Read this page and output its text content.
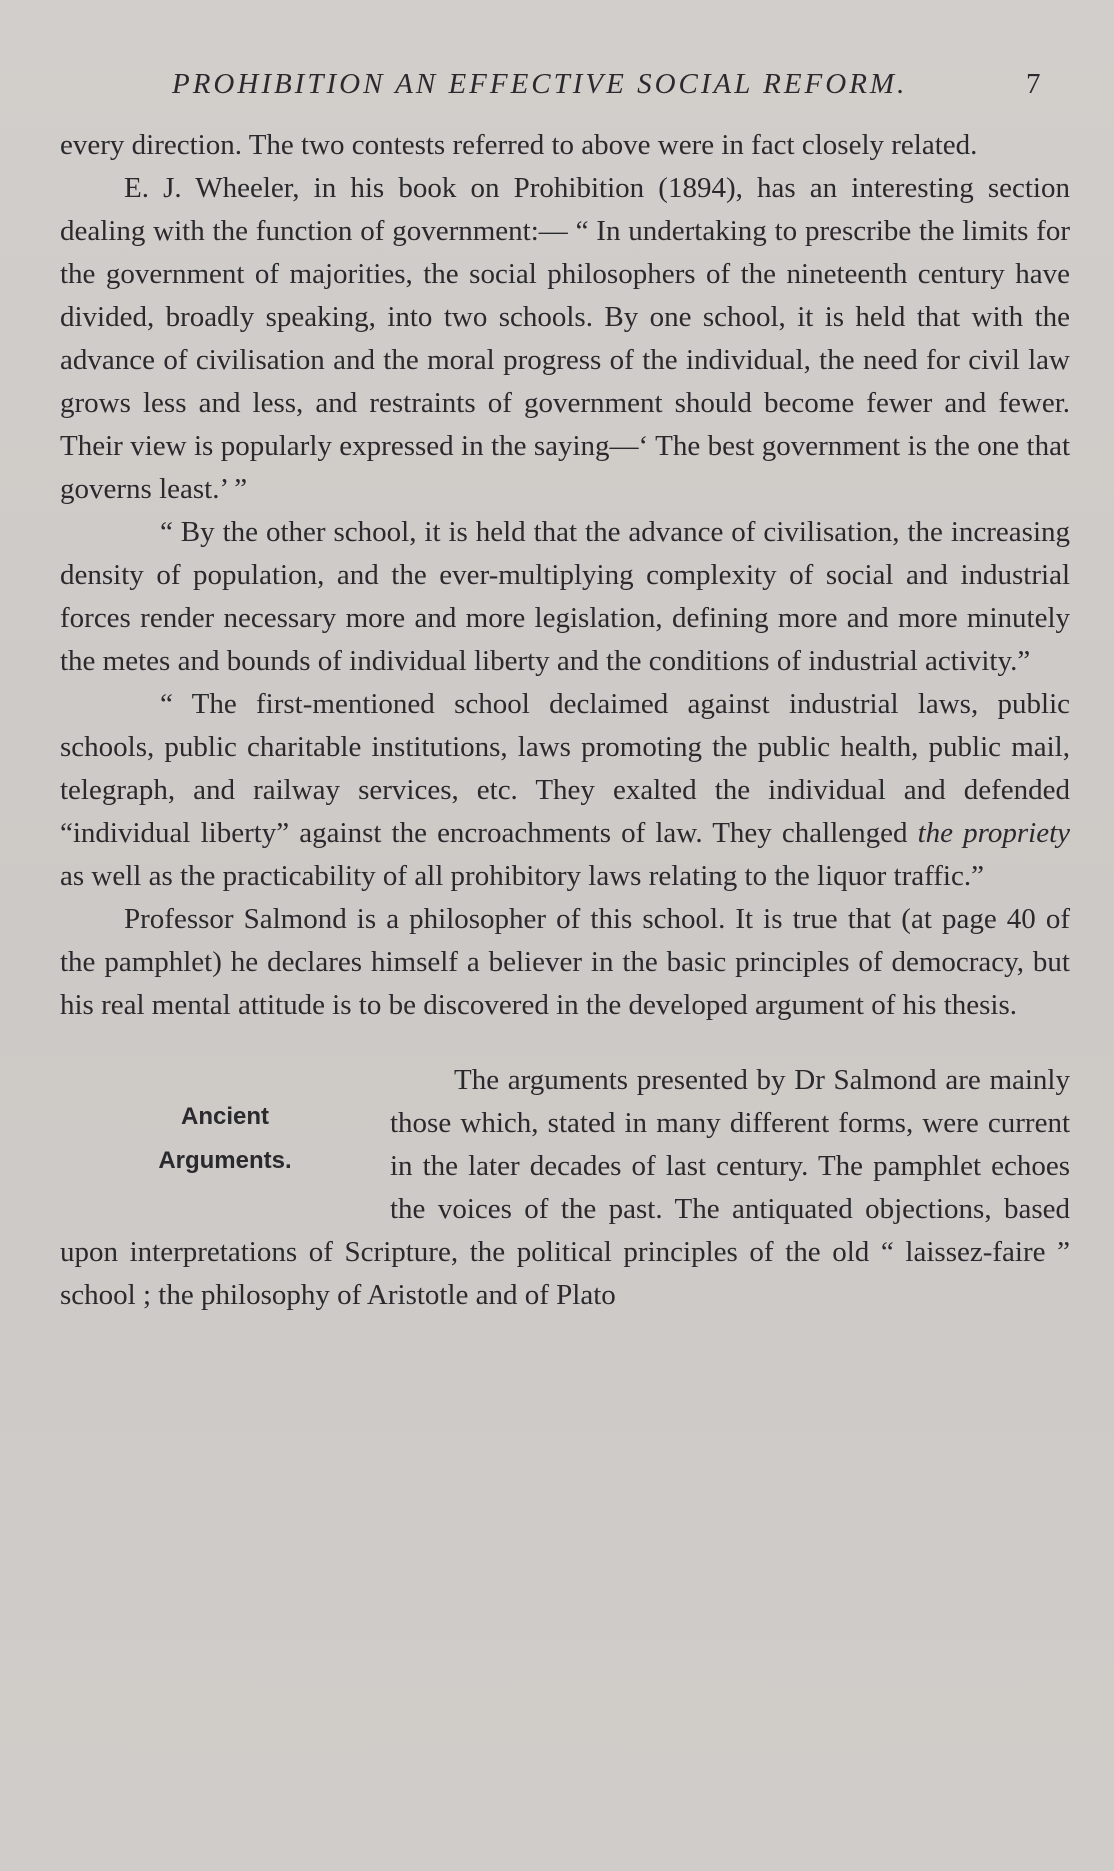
PROHIBITION AN EFFECTIVE SOCIAL REFORM.	7

every direction. The two contests referred to above were in fact closely related.

E. J. Wheeler, in his book on Prohibition (1894), has an interesting section dealing with the function of government:— “ In undertaking to prescribe the limits for the government of majorities, the social philosophers of the nineteenth century have divided, broadly speaking, into two schools. By one school, it is held that with the advance of civilisation and the moral progress of the individual, the need for civil law grows less and less, and restraints of government should become fewer and fewer. Their view is popularly expressed in the saying—‘ The best government is the one that governs least.’ ”

“ By the other school, it is held that the advance of civilisation, the increasing density of population, and the ever-multiplying complexity of social and industrial forces render necessary more and more legislation, defining more and more minutely the metes and bounds of individual liberty and the conditions of industrial activity.”

“ The first-mentioned school declaimed against industrial laws, public schools, public charitable institutions, laws promoting the public health, public mail, telegraph, and railway services, etc. They exalted the individual and defended “individual liberty” against the encroachments of law. They challenged the propriety as well as the practicability of all prohibitory laws relating to the liquor traffic.”

Professor Salmond is a philosopher of this school. It is true that (at page 40 of the pamphlet) he declares himself a believer in the basic principles of democracy, but his real mental attitude is to be discovered in the developed argument of his thesis.

Ancient
Arguments.

The arguments presented by Dr Salmond are mainly those which, stated in many different forms, were current in the later decades of last century. The pamphlet echoes the voices of the past. The antiquated objections, based upon interpretations of Scripture, the political principles of the old “ laissez-faire ” school ; the philosophy of Aristotle and of Plato
